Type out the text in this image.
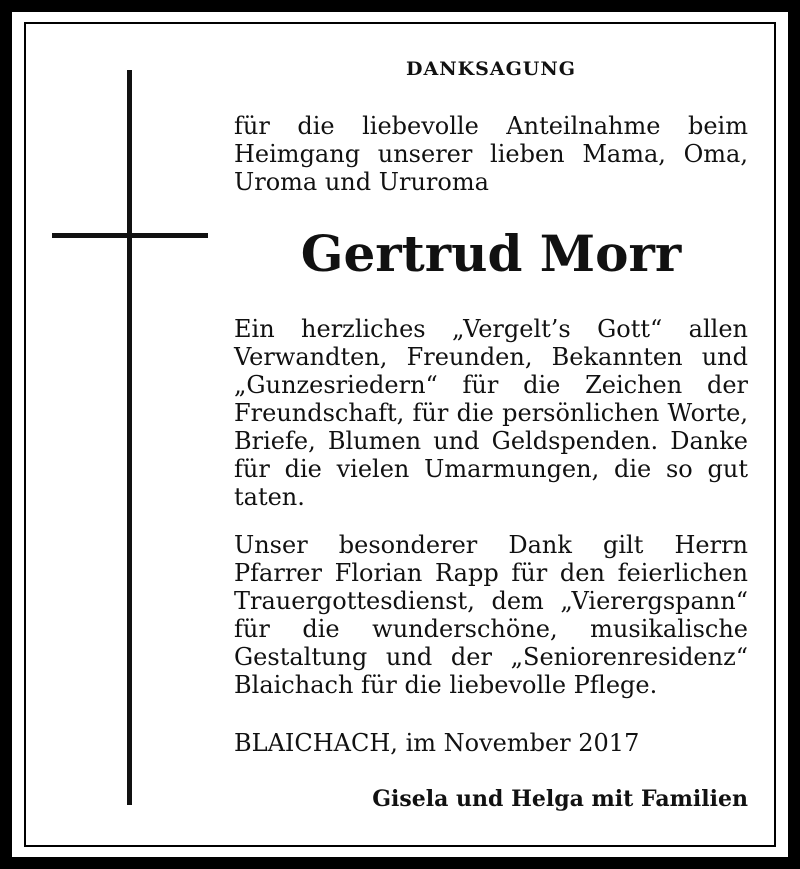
DANKSAGUNG
für die liebevolle Anteilnahme beim Heimgang unserer lieben Mama, Oma, Uroma und Ururoma
Gertrud Morr
Ein herzliches „Vergelt’s Gott“ allen Verwandten, Freunden, Bekannten und „Gunzesriedern“ für die Zeichen der Freundschaft, für die persönlichen Worte, Briefe, Blumen und Geldspenden. Danke für die vielen Umarmungen, die so gut taten.
Unser besonderer Dank gilt Herrn Pfarrer Florian Rapp für den feierlichen Trauergottesdienst, dem „Vierergspann“ für die wunderschöne, musikalische Gestaltung und der „Seniorenresidenz“ Blaichach für die liebevolle Pflege.
BLAICHACH, im November 2017
Gisela und Helga mit Familien
